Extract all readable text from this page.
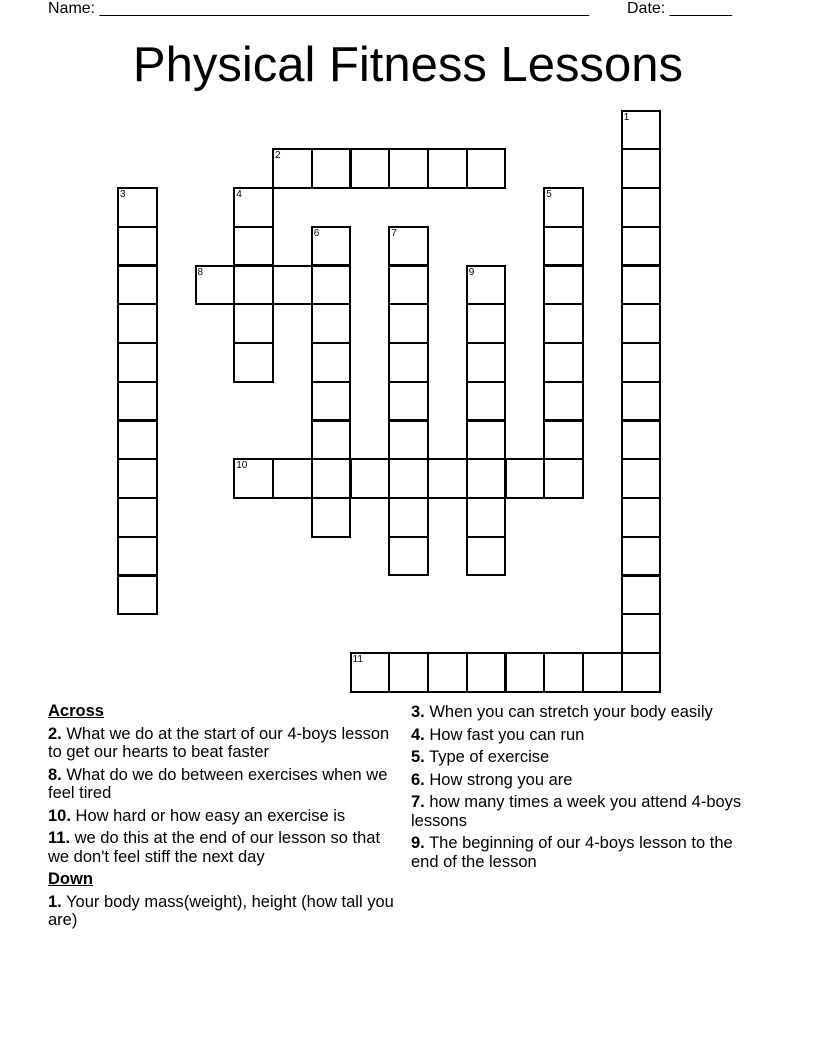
Name: _______________________________________________________ Date: _______
Physical Fitness Lessons
1
2
3	4	5
6	7
8	9
10
11
Across
2. What we do at the start of our 4-boys lesson to get our hearts to beat faster
8. What do we do between exercises when we feel tired
10. How hard or how easy an exercise is
11. we do this at the end of our lesson so that we don't feel stiff the next day
Down
1. Your body mass(weight), height (how tall you are)
3. When you can stretch your body easily
4. How fast you can run
5. Type of exercise
6. How strong you are
7. how many times a week you attend 4-boys lessons
9. The beginning of our 4-boys lesson to the end of the lesson
